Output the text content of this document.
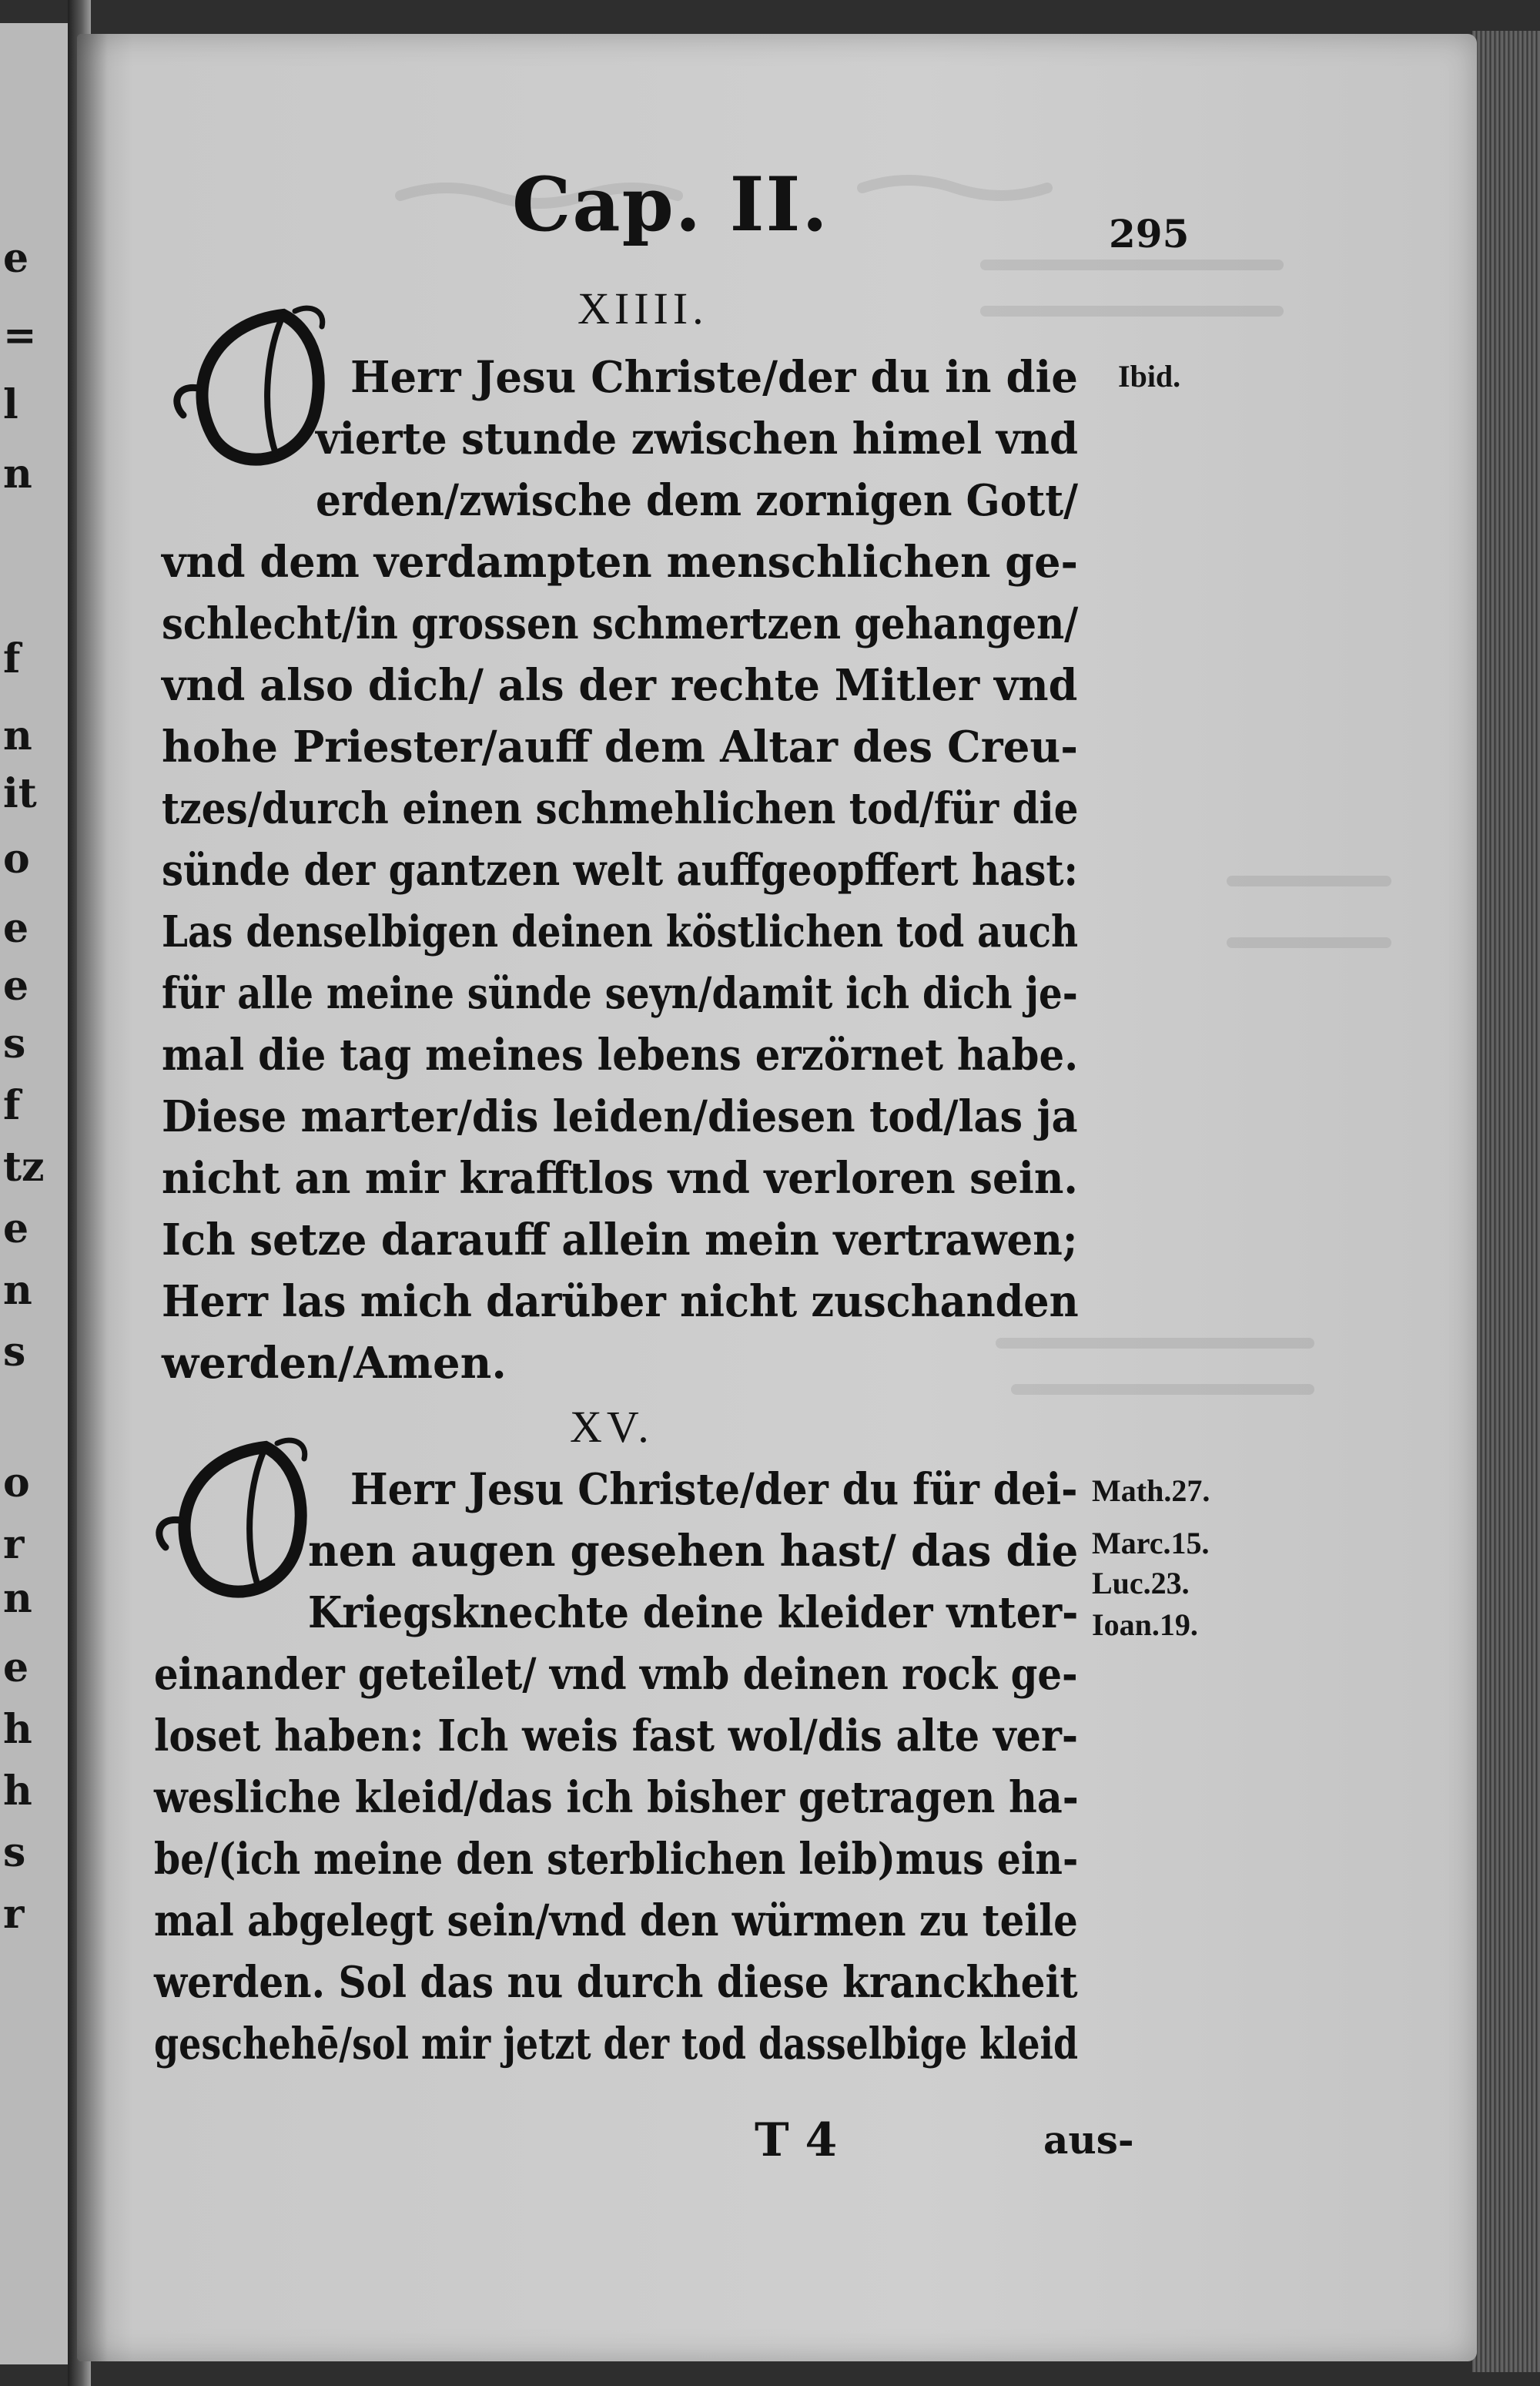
e
=
l
n
f
n
it
o
e
e
s
f
tz
e
n
s
o
r
n
e
h
h
s
r
Cap. II.	295
XIIII.
Herr Jesu Christe/der du in die Ibid.
vierte stunde zwischen himel vnd
erden/zwische dem zornigen Gott/
vnd dem verdampten menschlichen ge-
schlecht/in grossen schmertzen gehangen/
vnd also dich/ als der rechte Mitler vnd
hohe Priester/auff dem Altar des Creu-
tzes/durch einen schmehlichen tod/für die
sünde der gantzen welt auffgeopffert hast:
Las denselbigen deinen köstlichen tod auch
für alle meine sünde seyn/damit ich dich je-
mal die tag meines lebens erzörnet habe.
Diese marter/dis leiden/diesen tod/las ja
nicht an mir krafftlos vnd verloren sein.
Ich setze darauff allein mein vertrawen;
Herr las mich darüber nicht zuschanden
werden/Amen.
XV.
Herr Jesu Christe/der du für dei- Math.27.
nen augen gesehen hast/ das die Marc.15.
Luc.23.
Kriegsknechte deine kleider vnter- Ioan.19.
einander geteilet/ vnd vmb deinen rock ge-
loset haben: Ich weis fast wol/dis alte ver-
wesliche kleid/das ich bisher getragen ha-
be/(ich meine den sterblichen leib)mus ein-
mal abgelegt sein/vnd den würmen zu teile
werden. Sol das nu durch diese kranckheit
geschehē/sol mir jetzt der tod dasselbige kleid
T 4	aus-
